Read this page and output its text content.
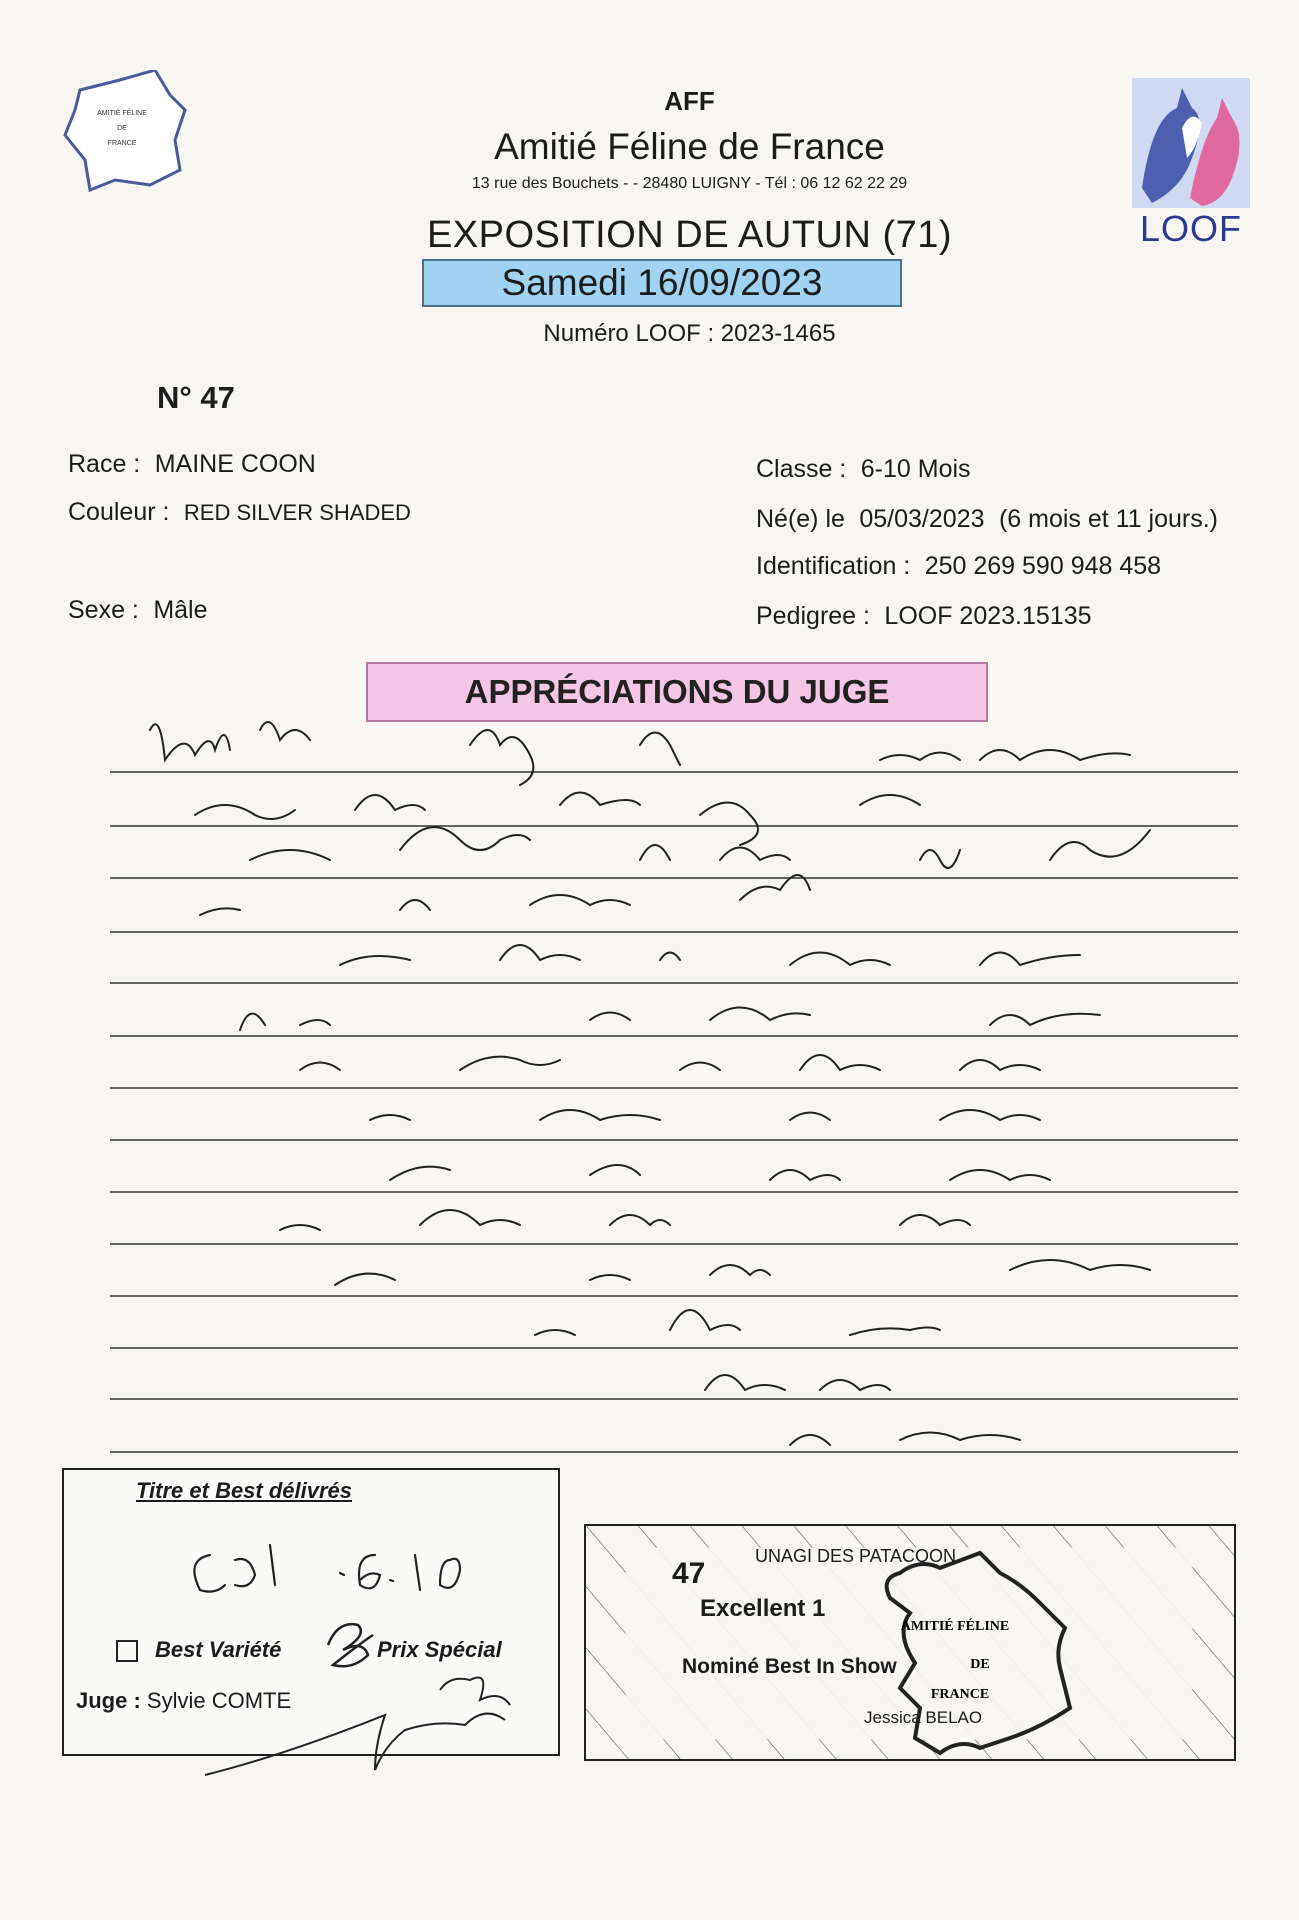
AMITIÉ FÉLINE
DE
FRANCE
LOOF

AFF
Amitié Féline de France
13 rue des Bouchets - - 28480 LUIGNY - Tél : 06 12 62 22 29
EXPOSITION DE AUTUN (71)
Samedi 16/09/2023
Numéro LOOF : 2023-1465
N° 47
Race : MAINE COON
Couleur : RED SILVER SHADED
Sexe : Mâle
Classe : 6-10 Mois
Né(e) le 05/03/2023 (6 mois et 11 jours.)
Identification : 250 269 590 948 458
Pedigree : LOOF 2023.15135
APPRÉCIATIONS DU JUGE
Titre et Best délivrés
Best Variété	Prix Spécial
Juge : Sylvie COMTE
47
UNAGI DES PATACOON
Excellent 1
Nominé Best In Show
AMITIÉ FÉLINE
DE
FRANCE
Jessica BELAO
